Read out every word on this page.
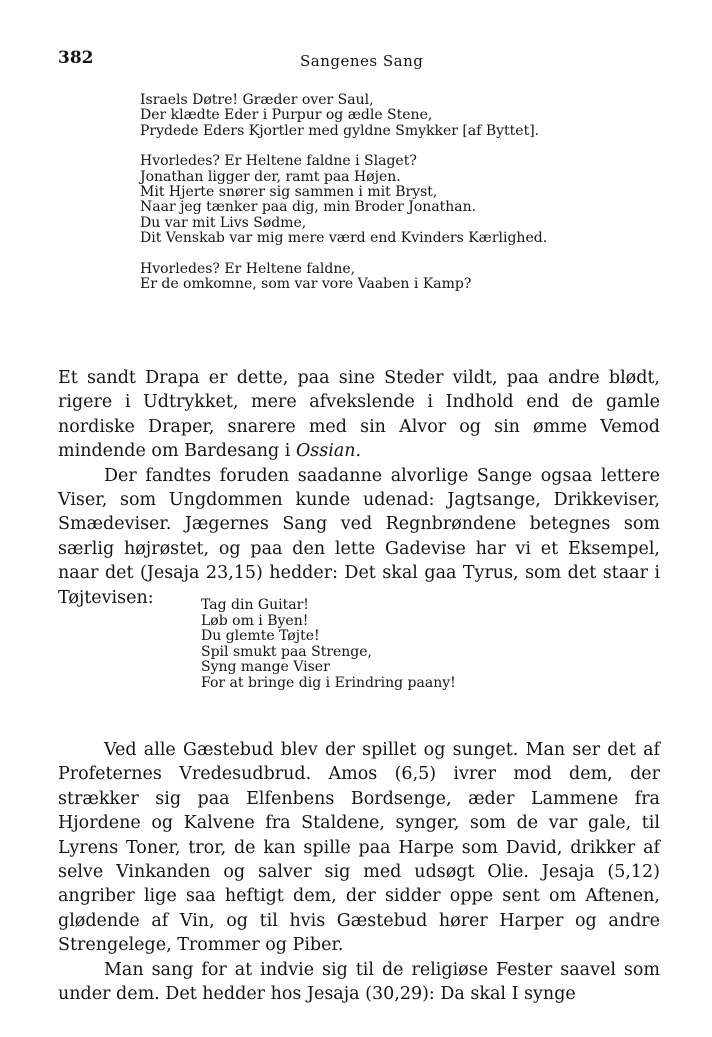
382	Sangenes Sang
Israels Døtre! Græder over Saul,
Der klædte Eder i Purpur og ædle Stene,
Prydede Eders Kjortler med gyldne Smykker [af Byttet].
Hvorledes? Er Heltene faldne i Slaget?
Jonathan ligger der, ramt paa Højen.
Mit Hjerte snører sig sammen i mit Bryst,
Naar jeg tænker paa dig, min Broder Jonathan.
Du var mit Livs Sødme,
Dit Venskab var mig mere værd end Kvinders Kærlighed.
Hvorledes? Er Heltene faldne,
Er de omkomne, som var vore Vaaben i Kamp?

Et sandt Drapa er dette, paa sine Steder vildt, paa andre blødt, rigere i Udtrykket, mere afvekslende i Indhold end de gamle nordiske Draper, snarere med sin Alvor og sin ømme Vemod mindende om Bardesang i Ossian.

Der fandtes foruden saadanne alvorlige Sange ogsaa lettere Viser, som Ungdommen kunde udenad: Jagtsange, Drikkeviser, Smædeviser. Jægernes Sang ved Regnbrøndene betegnes som særlig højrøstet, og paa den lette Gadevise har vi et Eksempel, naar det (Jesaja 23,15) hedder: Det skal gaa Tyrus, som det staar i Tøjtevisen:	Tag din Guitar!
Løb om i Byen!
Du glemte Tøjte!
Spil smukt paa Strenge,
Syng mange Viser
For at bringe dig i Erindring paany!

Ved alle Gæstebud blev der spillet og sunget. Man ser det af Profeternes Vredesudbrud. Amos (6,5) ivrer mod dem, der strækker sig paa Elfenbens Bordsenge, æder Lammene fra Hjordene og Kalvene fra Staldene, synger, som de var gale, til Lyrens Toner, tror, de kan spille paa Harpe som David, drikker af selve Vinkanden og salver sig med udsøgt Olie. Jesaja (5,12) angriber lige saa heftigt dem, der sidder oppe sent om Aftenen, glødende af Vin, og til hvis Gæstebud hører Harper og andre Strengelege, Trommer og Piber.

Man sang for at indvie sig til de religiøse Fester saavel som under dem. Det hedder hos Jesaja (30,29): Da skal I synge
